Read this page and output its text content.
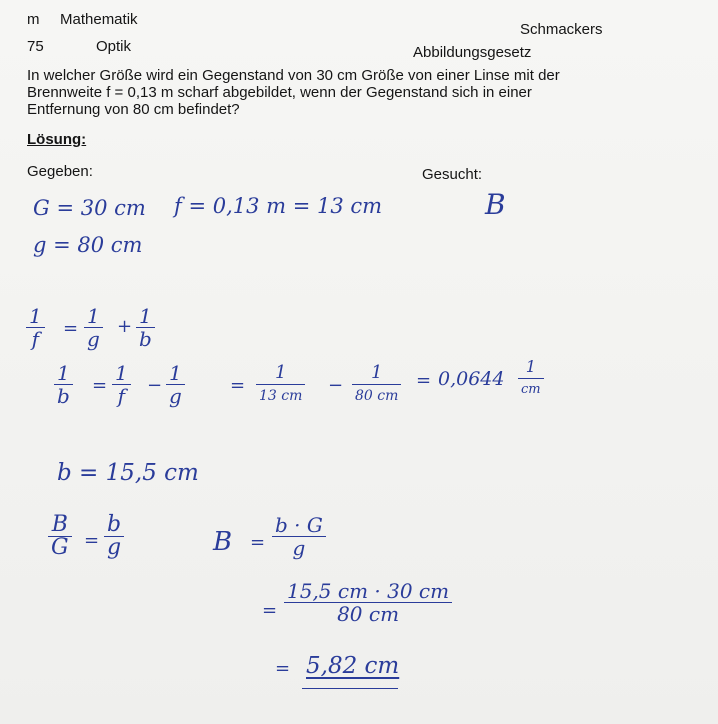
m Mathematik
Schmackers
75	Optik	Abbildungsgesetz
In welcher Größe wird ein Gegenstand von 30 cm Größe von einer Linse mit der
Brennweite f = 0,13 m scharf abgebildet, wenn der Gegenstand sich in einer
Entfernung von 80 cm befindet?
Lösung:
Gegeben:	Gesucht:
G = 30 cm f = 0,13 m = 13 cm
g = 80 cm
B
1
f =
1
g
+ 1
b
1
b =
1
f −
1
g	=
1
13 cm −
1
80 cm
= 0,0644
1
cm
b = 15,5 cm
B
G =
b
g	B =
b · G
g
=
15,5 cm · 30 cm
80 cm
= 5,82 cm
